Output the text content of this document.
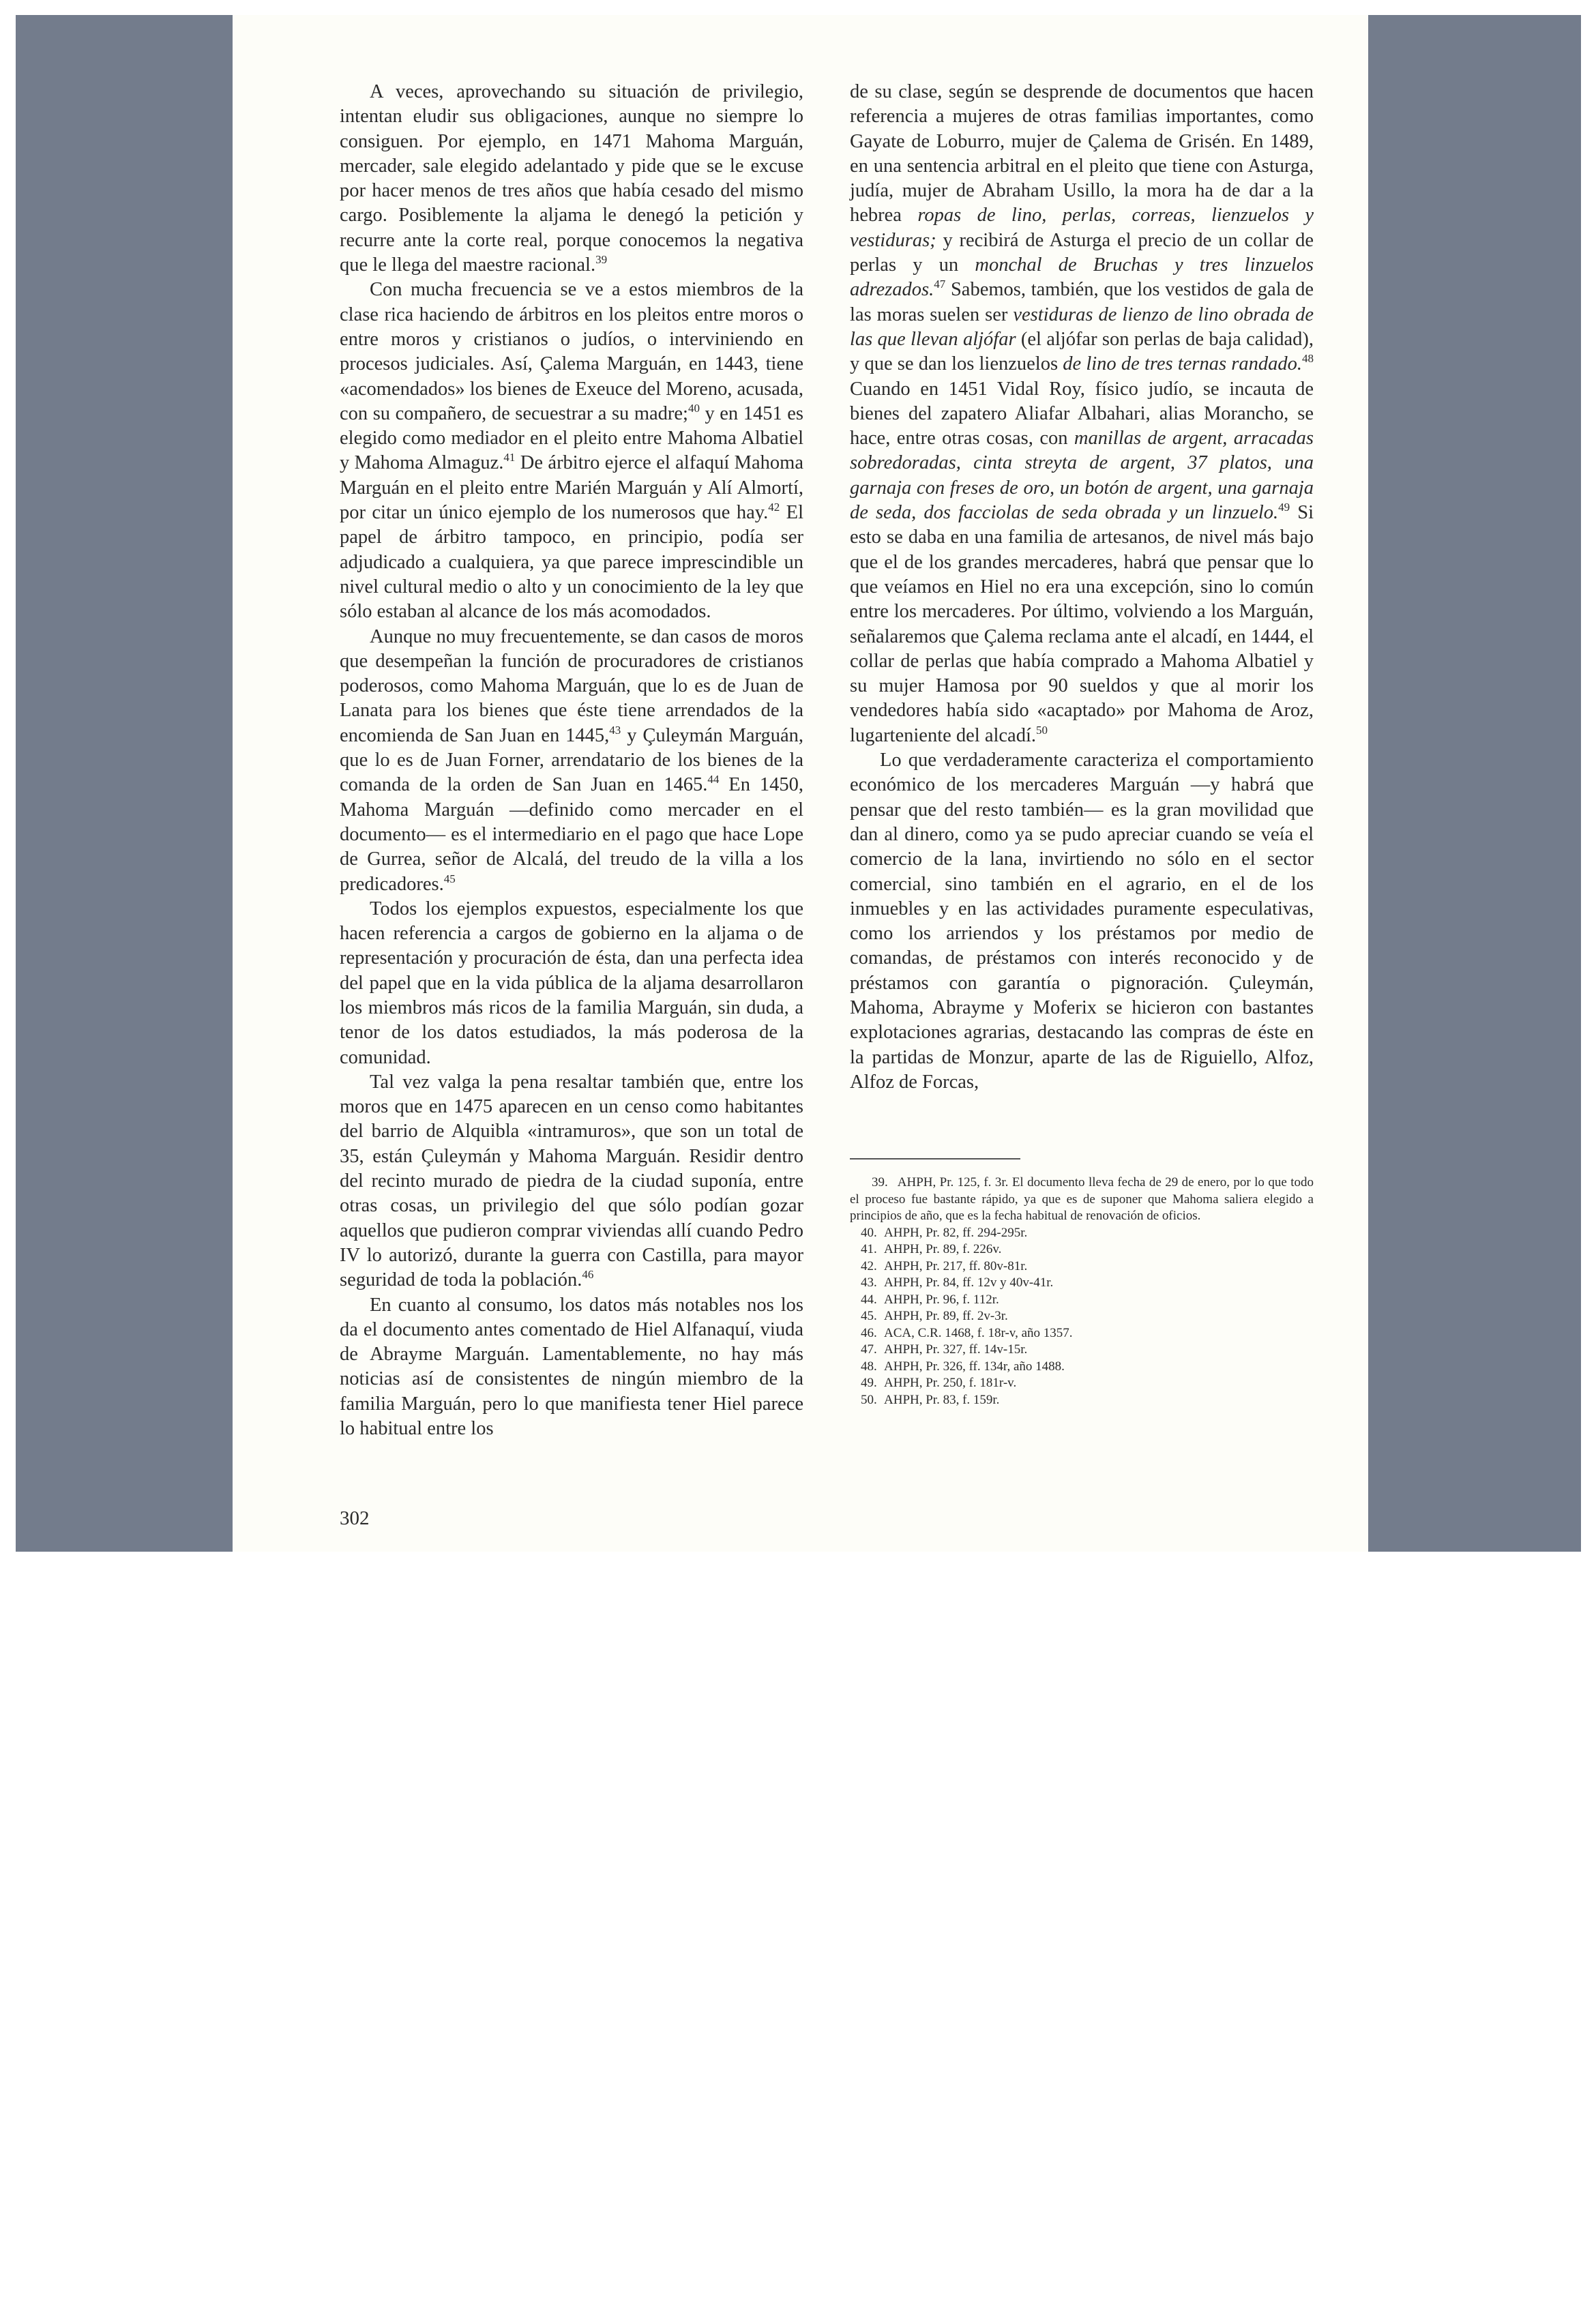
A veces, aprovechando su situación de privilegio, intentan eludir sus obligaciones, aunque no siempre lo consiguen. Por ejemplo, en 1471 Mahoma Marguán, mercader, sale elegido adelantado y pide que se le excuse por hacer menos de tres años que había cesado del mismo cargo. Posiblemente la aljama le denegó la petición y recurre ante la corte real, porque conocemos la negativa que le llega del maestre racional.$^{39}$

Con mucha frecuencia se ve a estos miembros de la clase rica haciendo de árbitros en los pleitos entre moros o entre moros y cristianos o judíos, o interviniendo en procesos judiciales. Así, Çalema Marguán, en 1443, tiene «acomendados» los bienes de Exeuce del Moreno, acusada, con su compañero, de secuestrar a su madre;$^{40}$ y en 1451 es elegido como mediador en el pleito entre Mahoma Albatiel y Mahoma Almaguz.$^{41}$ De árbitro ejerce el alfaquí Mahoma Marguán en el pleito entre Marién Marguán y Alí Almortí, por citar un único ejemplo de los numerosos que hay.$^{42}$ El papel de árbitro tampoco, en principio, podía ser adjudicado a cualquiera, ya que parece imprescindible un nivel cultural medio o alto y un conocimiento de la ley que sólo estaban al alcance de los más acomodados.

Aunque no muy frecuentemente, se dan casos de moros que desempeñan la función de procuradores de cristianos poderosos, como Mahoma Marguán, que lo es de Juan de Lanata para los bienes que éste tiene arrendados de la encomienda de San Juan en 1445,43 y Çuleymán Marguán, que lo es de Juan Forner, arrendatario de los bienes de la comanda de la orden de San Juan en 1465.44 En 1450, Mahoma Marguán —definido como mercader en el documento— es el intermediario en el pago que hace Lope de Gurrea, señor de Alcalá, del treudo de la villa a los predicadores.$^{45}$

Todos los ejemplos expuestos, especialmente los que hacen referencia a cargos de gobierno en la aljama o de representación y procuración de ésta, dan una perfecta idea del papel que en la vida pública de la aljama desarrollaron los miembros más ricos de la familia Marguán, sin duda, a tenor de los datos estudiados, la más poderosa de la comunidad.

Tal vez valga la pena resaltar también que, entre los moros que en 1475 aparecen en un censo como habitantes del barrio de Alquibla «intramuros», que son un total de 35, están Çuleymán y Mahoma Marguán. Residir dentro del recinto murado de piedra de la ciudad suponía, entre otras cosas, un privilegio del que sólo podían gozar aquellos que pudieron comprar viviendas allí cuando Pedro IV lo autorizó, durante la guerra con Castilla, para mayor seguridad de toda la población.$^{46}$

En cuanto al consumo, los datos más notables nos los da el documento antes comentado de Hiel Alfanaquí, viuda de Abrayme Marguán. Lamentablemente, no hay más noticias así de consistentes de ningún miembro de la familia Marguán, pero lo que manifiesta tener Hiel parece lo habitual entre los

de su clase, según se desprende de documentos que hacen referencia a mujeres de otras familias importantes, como Gayate de Loburro, mujer de Çalema de Grisén. En 1489, en una sentencia arbitral en el pleito que tiene con Asturga, judía, mujer de Abraham Usillo, la mora ha de dar a la hebrea ropas de lino, perlas, correas, lienzuelos y vestiduras; y recibirá de Asturga el precio de un collar de perlas y un monchal de Bruchas y tres linzuelos adrezados.$^{47}$ Sabemos, también, que los vestidos de gala de las moras suelen ser vestiduras de lienzo de lino obrada de las que llevan aljófar (el aljófar son perlas de baja calidad), y que se dan los lienzuelos de lino de tres ternas randado.$^{48}$ Cuando en 1451 Vidal Roy, físico judío, se incauta de bienes del zapatero Aliafar Albahari, alias Morancho, se hace, entre otras cosas, con manillas de argent, arracadas sobredoradas, cinta streyta de argent, 37 platos, una garnaja con freses de oro, un botón de argent, una garnaja de seda, dos facciolas de seda obrada y un linzuelo.$^{49}$ Si esto se daba en una familia de artesanos, de nivel más bajo que el de los grandes mercaderes, habrá que pensar que lo que veíamos en Hiel no era una excepción, sino lo común entre los mercaderes. Por último, volviendo a los Marguán, señalaremos que Çalema reclama ante el alcadí, en 1444, el collar de perlas que había comprado a Mahoma Albatiel y su mujer Hamosa por 90 sueldos y que al morir los vendedores había sido «acaptado» por Mahoma de Aroz, lugarteniente del alcadí.$^{50}$

Lo que verdaderamente caracteriza el comportamiento económico de los mercaderes Marguán —y habrá que pensar que del resto también— es la gran movilidad que dan al dinero, como ya se pudo apreciar cuando se veía el comercio de la lana, invirtiendo no sólo en el sector comercial, sino también en el agrario, en el de los inmuebles y en las actividades puramente especulativas, como los arriendos y los préstamos por medio de comandas, de préstamos con interés reconocido y de préstamos con garantía o pignoración. Çuleymán, Mahoma, Abrayme y Moferix se hicieron con bastantes explotaciones agrarias, destacando las compras de éste en la partidas de Monzur, aparte de las de Riguiello, Alfoz, Alfoz de Forcas,

39. AHPH, Pr. 125, f. 3r. El documento lleva fecha de 29 de enero, por lo que todo el proceso fue bastante rápido, ya que es de suponer que Mahoma saliera elegido a principios de año, que es la fecha habitual de renovación de oficios.

40. AHPH, Pr. 82, ff. 294-295r.

41. AHPH, Pr. 89, f. 226v.

42. AHPH, Pr. 217, ff. 80v-81r.

43. AHPH, Pr. 84, ff. 12v y 40v-41r.

44. AHPH, Pr. 96, f. 112r.

45. AHPH, Pr. 89, ff. 2v-3r.

46. ACA, C.R. 1468, f. 18r-v, año 1357.

47. AHPH, Pr. 327, ff. 14v-15r.

48. AHPH, Pr. 326, ff. 134r, año 1488.

49. AHPH, Pr. 250, f. 181r-v.

50. AHPH, Pr. 83, f. 159r.

302
